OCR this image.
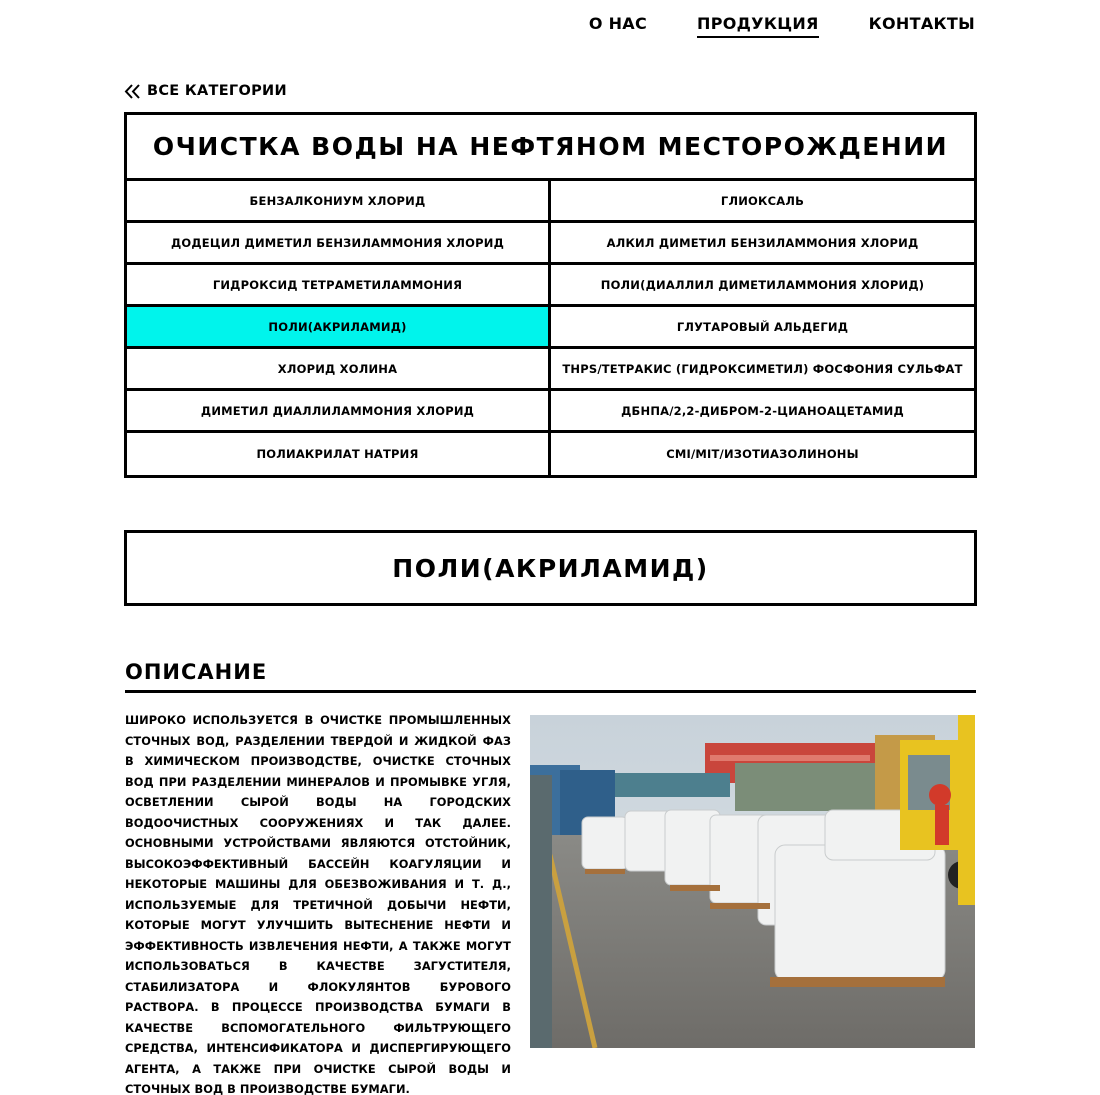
О НАС	ПРОДУКЦИЯ	КОНТАКТЫ
ВСЕ КАТЕГОРИИ
ОЧИСТКА ВОДЫ НА НЕФТЯНОМ МЕСТОРОЖДЕНИИ
БЕНЗАЛКОНИУМ ХЛОРИД	ГЛИОКСАЛЬ
ДОДЕЦИЛ ДИМЕТИЛ БЕНЗИЛАММОНИЯ ХЛОРИД	АЛКИЛ ДИМЕТИЛ БЕНЗИЛАММОНИЯ ХЛОРИД
ГИДРОКСИД ТЕТРАМЕТИЛАММОНИЯ	ПОЛИ(ДИАЛЛИЛ ДИМЕТИЛАММОНИЯ ХЛОРИД)
ПОЛИ(АКРИЛАМИД)	ГЛУТАРОВЫЙ АЛЬДЕГИД
ХЛОРИД ХОЛИНА	THPS/ТЕТРАКИС (ГИДРОКСИМЕТИЛ) ФОСФОНИЯ СУЛЬФАТ
ДИМЕТИЛ ДИАЛЛИЛАММОНИЯ ХЛОРИД	ДБНПА/2,2-ДИБРОМ-2-ЦИАНОАЦЕТАМИД
ПОЛИАКРИЛАТ НАТРИЯ	CMI/MIT/ИЗОТИАЗОЛИНОНЫ
ПОЛИ(АКРИЛАМИД)
ОПИСАНИЕ

ШИРОКО ИСПОЛЬЗУЕТСЯ В ОЧИСТКЕ ПРОМЫШЛЕННЫХ СТОЧНЫХ ВОД, РАЗДЕЛЕНИИ ТВЕРДОЙ И ЖИДКОЙ ФАЗ В ХИМИЧЕСКОМ ПРОИЗВОДСТВЕ, ОЧИСТКЕ СТОЧНЫХ ВОД ПРИ РАЗДЕЛЕНИИ МИНЕРАЛОВ И ПРОМЫВКЕ УГЛЯ, ОСВЕТЛЕНИИ СЫРОЙ ВОДЫ НА ГОРОДСКИХ ВОДООЧИСТНЫХ СООРУЖЕНИЯХ И ТАК ДАЛЕЕ. ОСНОВНЫМИ УСТРОЙСТВАМИ ЯВЛЯЮТСЯ ОТСТОЙНИК, ВЫСОКОЭФФЕКТИВНЫЙ БАССЕЙН КОАГУЛЯЦИИ И НЕКОТОРЫЕ МАШИНЫ ДЛЯ ОБЕЗВОЖИВАНИЯ И Т. Д., ИСПОЛЬЗУЕМЫЕ ДЛЯ ТРЕТИЧНОЙ ДОБЫЧИ НЕФТИ, КОТОРЫЕ МОГУТ УЛУЧШИТЬ ВЫТЕСНЕНИЕ НЕФТИ И ЭФФЕКТИВНОСТЬ ИЗВЛЕЧЕНИЯ НЕФТИ, А ТАКЖЕ МОГУТ ИСПОЛЬЗОВАТЬСЯ В КАЧЕСТВЕ ЗАГУСТИТЕЛЯ, СТАБИЛИЗАТОРА И ФЛОКУЛЯНТОВ БУРОВОГО РАСТВОРА. В ПРОЦЕССЕ ПРОИЗВОДСТВА БУМАГИ В КАЧЕСТВЕ ВСПОМОГАТЕЛЬНОГО ФИЛЬТРУЮЩЕГО СРЕДСТВА, ИНТЕНСИФИКАТОРА И ДИСПЕРГИРУЮЩЕГО АГЕНТА, А ТАКЖЕ ПРИ ОЧИСТКЕ СЫРОЙ ВОДЫ И СТОЧНЫХ ВОД В ПРОИЗВОДСТВЕ БУМАГИ.
